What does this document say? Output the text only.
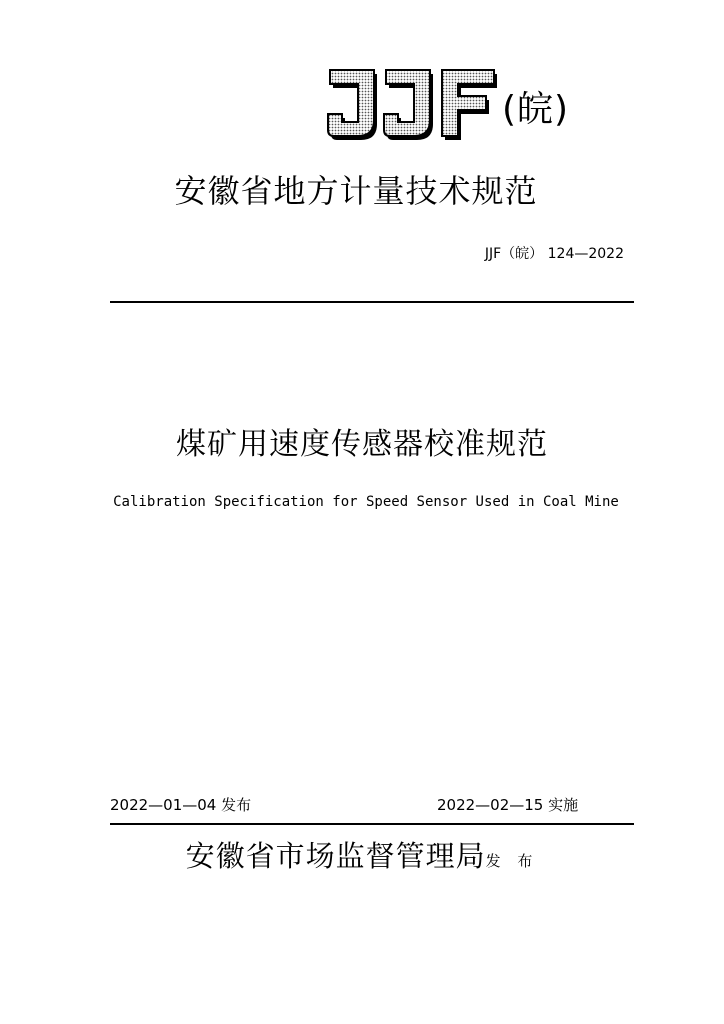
(皖)
安徽省地方计量技术规范
JJF（皖） 124—2022
煤矿用速度传感器校准规范
Calibration Specification for Speed Sensor Used in Coal Mine
2022—01—04 发布	2022—02—15 实施
安徽省市场监督管理局发 布
